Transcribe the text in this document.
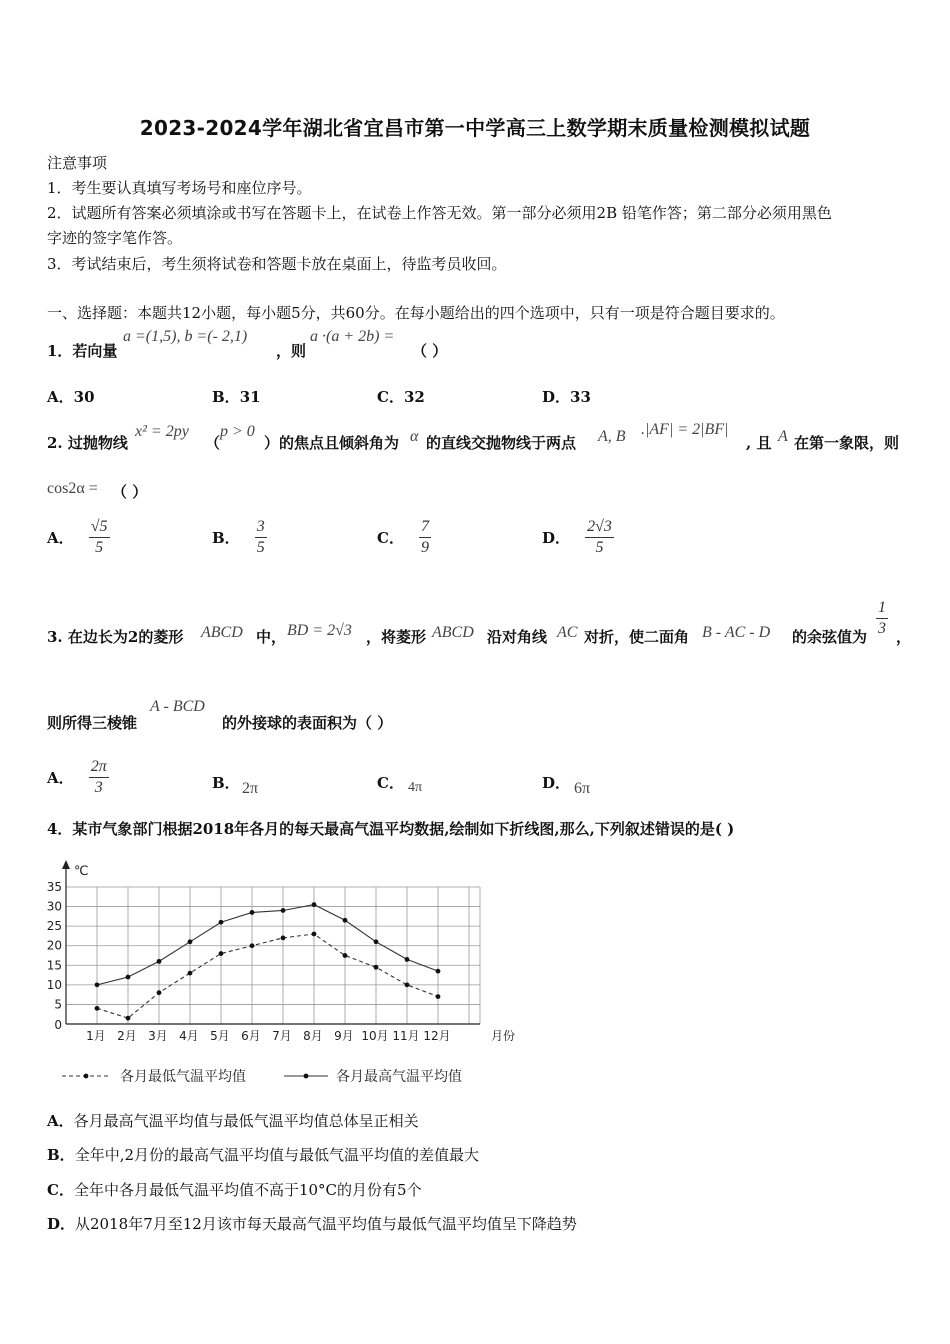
2023-2024学年湖北省宜昌市第一中学高三上数学期末质量检测模拟试题
注意事项
1．考生要认真填写考场号和座位序号。
2．试题所有答案必须填涂或书写在答题卡上，在试卷上作答无效。第一部分必须用2B 铅笔作答；第二部分必须用黑色
字迹的签字笔作答。
3．考试结束后，考生须将试卷和答题卡放在桌面上，待监考员收回。
一、选择题：本题共12小题，每小题5分，共60分。在每小题给出的四个选项中，只有一项是符合题目要求的。
1．若向量
a =(1,5), b =(- 2,1)
，则
a ·(a + 2b) =
（ ）
A．30	B．31	C．32	D．33
2. 过抛物线
x² = 2py
（
p > 0
）的焦点且倾斜角为 α 的直线交抛物线于两点 A, B .|AF| = 2|BF|
, 且 A 在第一象限，则
cos2α = （ ）
A． $\frac{√5}{5}$	B． $\frac{3}{5}$	C． $\frac{7}{9}$	D． $\frac{2√3}{5}$
3. 在边长为2的菱形 ABCD 中， BD = 2√3 ，将菱形 ABCD 沿对角线 AC 对折，使二面角 B - AC - D 的余弦值为 $\frac{1}{3}$ ，
则所得三棱锥
A - BCD
的外接球的表面积为（ ）
A． $\frac{2\pi}{3}$	B． 2π	C． 4π	D． 6π
4．某市气象部门根据2018年各月的每天最高气温平均数据,绘制如下折线图,那么,下列叙述错误的是( )
5
10
15
20
25
30
35
0
℃
1月 2月 3月 4月 5月 6月 7月 8月 9月 10月 11月 12月	月份
各月最低气温平均值	各月最高气温平均值
A．各月最高气温平均值与最低气温平均值总体呈正相关
B．全年中,2月份的最高气温平均值与最低气温平均值的差值最大
C．全年中各月最低气温平均值不高于10°C的月份有5个
D．从2018年7月至12月该市每天最高气温平均值与最低气温平均值呈下降趋势
